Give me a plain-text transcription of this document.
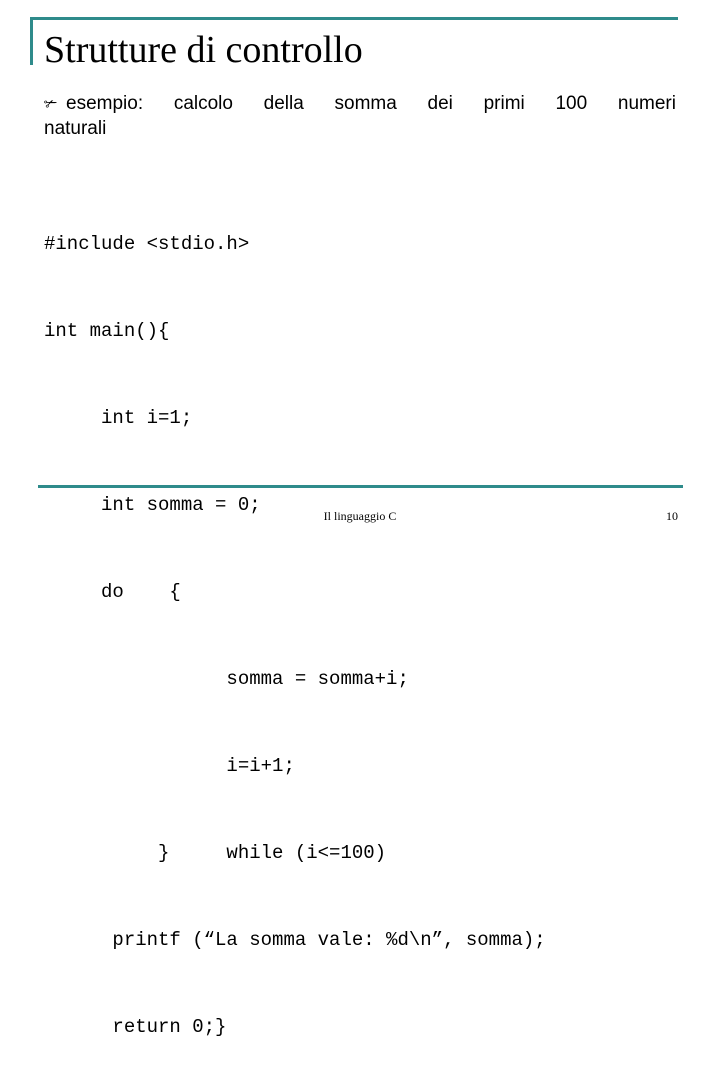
Strutture di controllo
✃ esempio: calcolo della somma dei primi 100 numeri
naturali

#include <stdio.h>

int main(){

int i=1;

int somma = 0;

do    {

somma = somma+i;

i=i+1;

}     while (i<=100)

printf (“La somma vale: %d\n”, somma);

return 0;}

Il linguaggio C	10
